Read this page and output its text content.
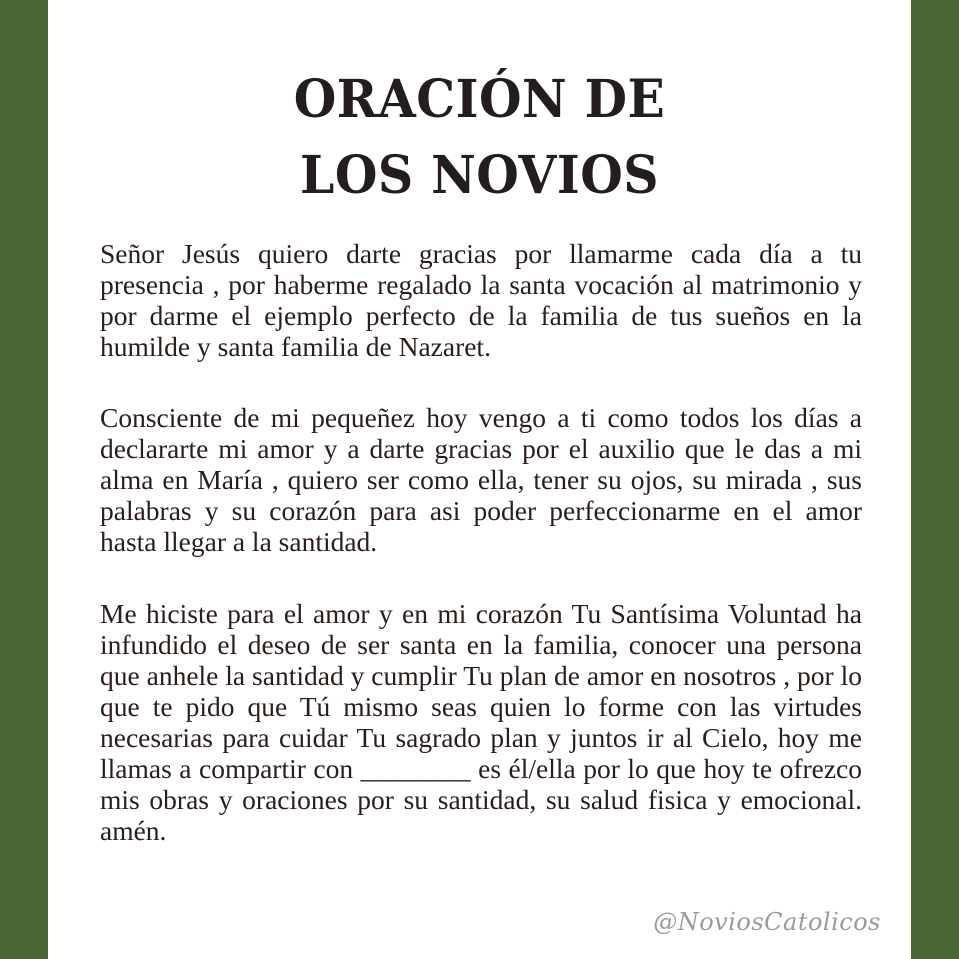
ORACIÓN DE
LOS NOVIOS

Señor Jesús quiero darte gracias por llamarme cada día a tu presencia , por haberme regalado la santa vocación al matrimonio y por darme el ejemplo perfecto de la familia de tus sueños en la humilde y santa familia de Nazaret.

Consciente de mi pequeñez hoy vengo a ti como todos los días a declararte mi amor y a darte gracias por el auxilio que le das a mi alma en María , quiero ser como ella, tener su ojos, su mirada , sus palabras y su corazón para asi poder perfeccionarme en el amor hasta llegar a la santidad.

Me hiciste para el amor y en mi corazón Tu Santísima Voluntad ha infundido el deseo de ser santa en la familia, conocer una persona que anhele la santidad y cumplir Tu plan de amor en nosotros , por lo que te pido que Tú mismo seas quien lo forme con las virtudes necesarias para cuidar Tu sagrado plan y juntos ir al Cielo, hoy me llamas a compartir con ________ es él/ella por lo que hoy te ofrezco mis obras y oraciones por su santidad, su salud fisica y emocional. amén.

@NoviosCatolicos
